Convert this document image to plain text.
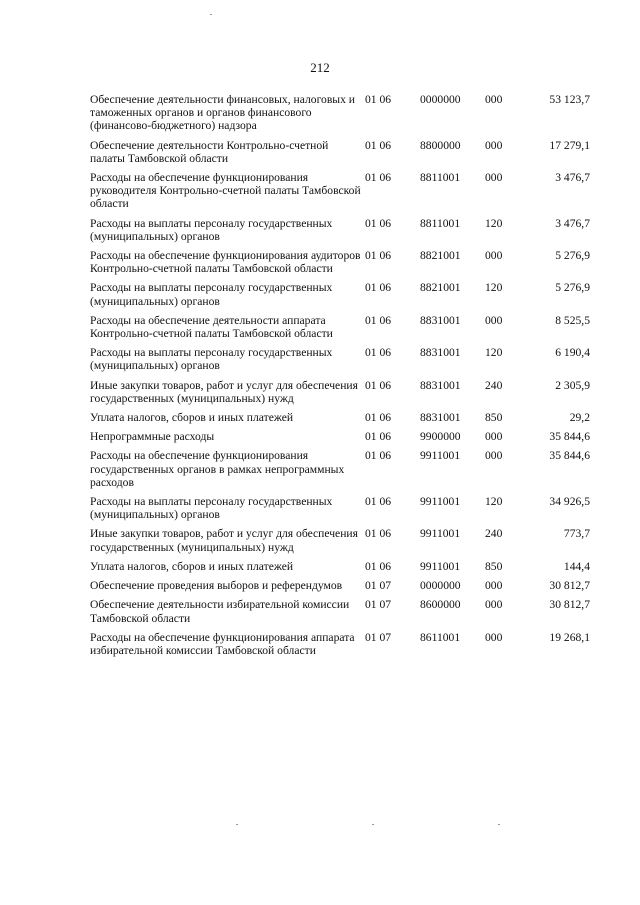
212
Обеспечение деятельности финансовых, налоговых и таможенных органов и органов финансового (финансово-бюджетного) надзора	01 06	0000000	000	53 123,7
Обеспечение деятельности Контрольно-счетной палаты Тамбовской области	01 06	8800000	000	17 279,1
Расходы на обеспечение функционирования руководителя Контрольно-счетной палаты Тамбовской области	01 06	8811001	000	3 476,7
Расходы на выплаты персоналу государственных (муниципальных) органов	01 06	8811001	120	3 476,7
Расходы на обеспечение функционирования аудиторов Контрольно-счетной палаты Тамбовской области	01 06	8821001	000	5 276,9
Расходы на выплаты персоналу государственных (муниципальных) органов	01 06	8821001	120	5 276,9
Расходы на обеспечение деятельности аппарата Контрольно-счетной палаты Тамбовской области	01 06	8831001	000	8 525,5
Расходы на выплаты персоналу государственных (муниципальных) органов	01 06	8831001	120	6 190,4
Иные закупки товаров, работ и услуг для обеспечения государственных (муниципальных) нужд	01 06	8831001	240	2 305,9
Уплата налогов, сборов и иных платежей	01 06	8831001	850	29,2
Непрограммные расходы	01 06	9900000	000	35 844,6
Расходы на обеспечение функционирования государственных органов в рамках непрограммных расходов	01 06	9911001	000	35 844,6
Расходы на выплаты персоналу государственных (муниципальных) органов	01 06	9911001	120	34 926,5
Иные закупки товаров, работ и услуг для обеспечения государственных (муниципальных) нужд	01 06	9911001	240	773,7
Уплата налогов, сборов и иных платежей	01 06	9911001	850	144,4
Обеспечение проведения выборов и референдумов	01 07	0000000	000	30 812,7
Обеспечение деятельности избирательной комиссии Тамбовской области	01 07	8600000	000	30 812,7
Расходы на обеспечение функционирования аппарата избирательной комиссии Тамбовской области	01 07	8611001	000	19 268,1
